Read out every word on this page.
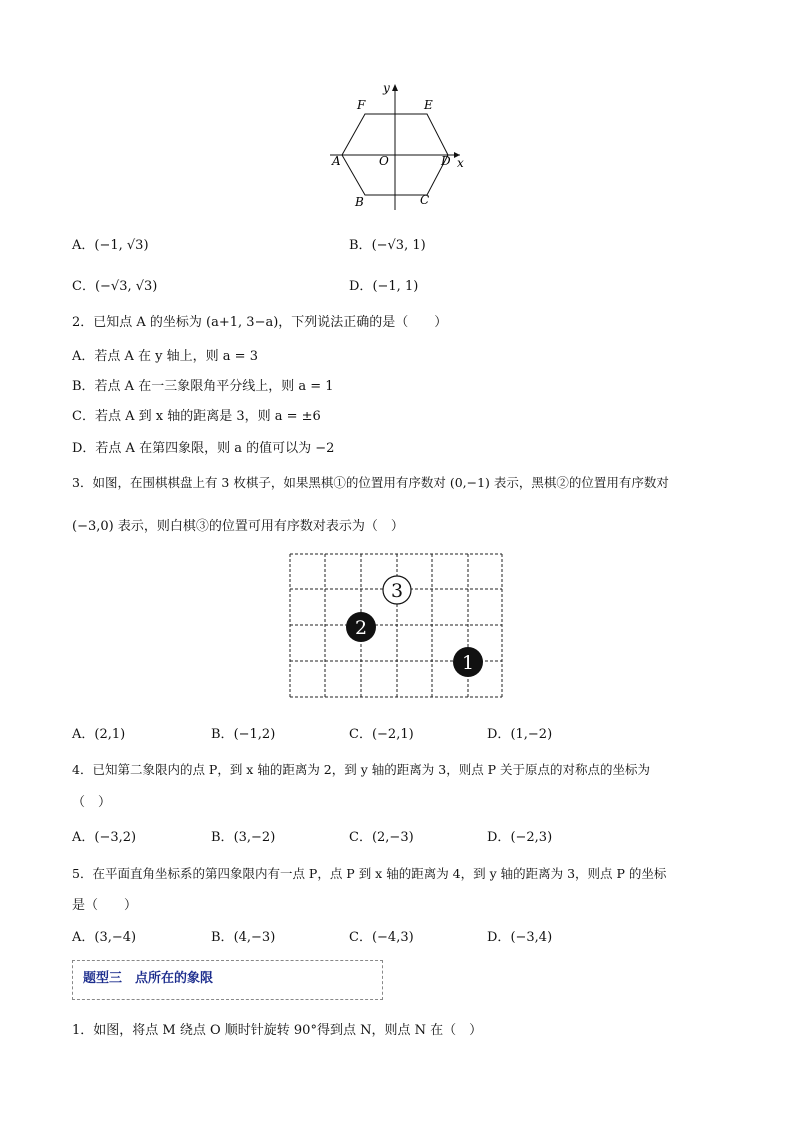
y
F	E
A	O	D x
B	C
A．(−1, √3)	B．(−√3, 1)
C．(−√3, √3)	D．(−1, 1)
2．已知点 A 的坐标为 (a+1, 3−a)，下列说法正确的是（　　）
A．若点 A 在 y 轴上，则 a = 3
B．若点 A 在一三象限角平分线上，则 a = 1
C．若点 A 到 x 轴的距离是 3，则 a = ±6
D．若点 A 在第四象限，则 a 的值可以为 −2
3．如图，在围棋棋盘上有 3 枚棋子，如果黑棋①的位置用有序数对 (0,−1) 表示，黑棋②的位置用有序数对
(−3,0) 表示，则白棋③的位置可用有序数对表示为（　）
3
2
1
A．(2,1)	B．(−1,2)	C．(−2,1)	D．(1,−2)
4．已知第二象限内的点 P，到 x 轴的距离为 2，到 y 轴的距离为 3，则点 P 关于原点的对称点的坐标为
（　）
A．(−3,2)	B．(3,−2)	C．(2,−3)	D．(−2,3)
5．在平面直角坐标系的第四象限内有一点 P，点 P 到 x 轴的距离为 4，到 y 轴的距离为 3，则点 P 的坐标
是（　　）
A．(3,−4)	B．(4,−3)	C．(−4,3)	D．(−3,4)
题型三　点所在的象限
1．如图，将点 M 绕点 O 顺时针旋转 90°得到点 N，则点 N 在（　）
